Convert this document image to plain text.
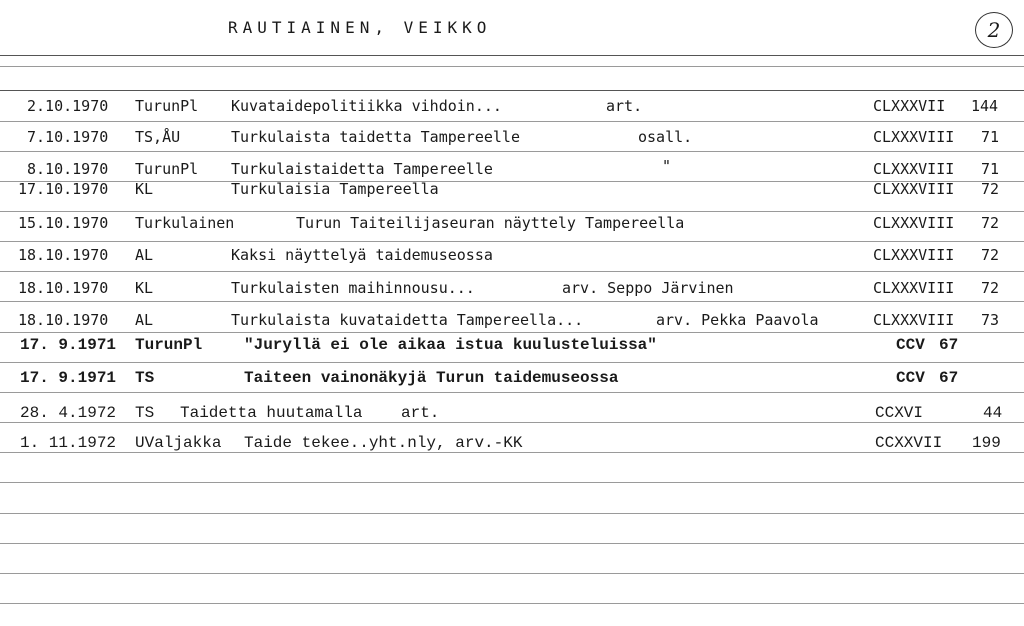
RAUTIAINEN, VEIKKO	2
2.10.1970 TurunPl Kuvataidepolitiikka vihdoin...	art.	CLXXXVII 144
7.10.1970 TS,ÅU	Turkulaista taidetta Tampereelle	osall.	CLXXXVIII 71
8.10.1970 TurunPl Turkulaistaidetta Tampereelle	"	CLXXXVIII 71
17.10.1970 KL	Turkulaisia Tampereella	CLXXXVIII 72
15.10.1970 Turkulainen	Turun Taiteilijaseuran näyttely Tampereella	CLXXXVIII 72
18.10.1970 AL	Kaksi näyttelyä taidemuseossa	CLXXXVIII 72
18.10.1970 KL	Turkulaisten maihinnousu...	arv. Seppo Järvinen	CLXXXVIII 72
18.10.1970 AL	Turkulaista kuvataidetta Tampereella...	arv. Pekka Paavola	CLXXXVIII 73
17. 9.1971 TurunPl	"Juryllä ei ole aikaa istua kuulusteluissa"	CCV 67
17. 9.1971 TS	Taiteen vainonäkyjä Turun taidemuseossa	CCV 67
28. 4.1972 TS Taidetta huutamalla art.	CCXVI	44
1. 11.1972 UValjakka Taide tekee..yht.nly, arv.-KK	CCXXVII 199
